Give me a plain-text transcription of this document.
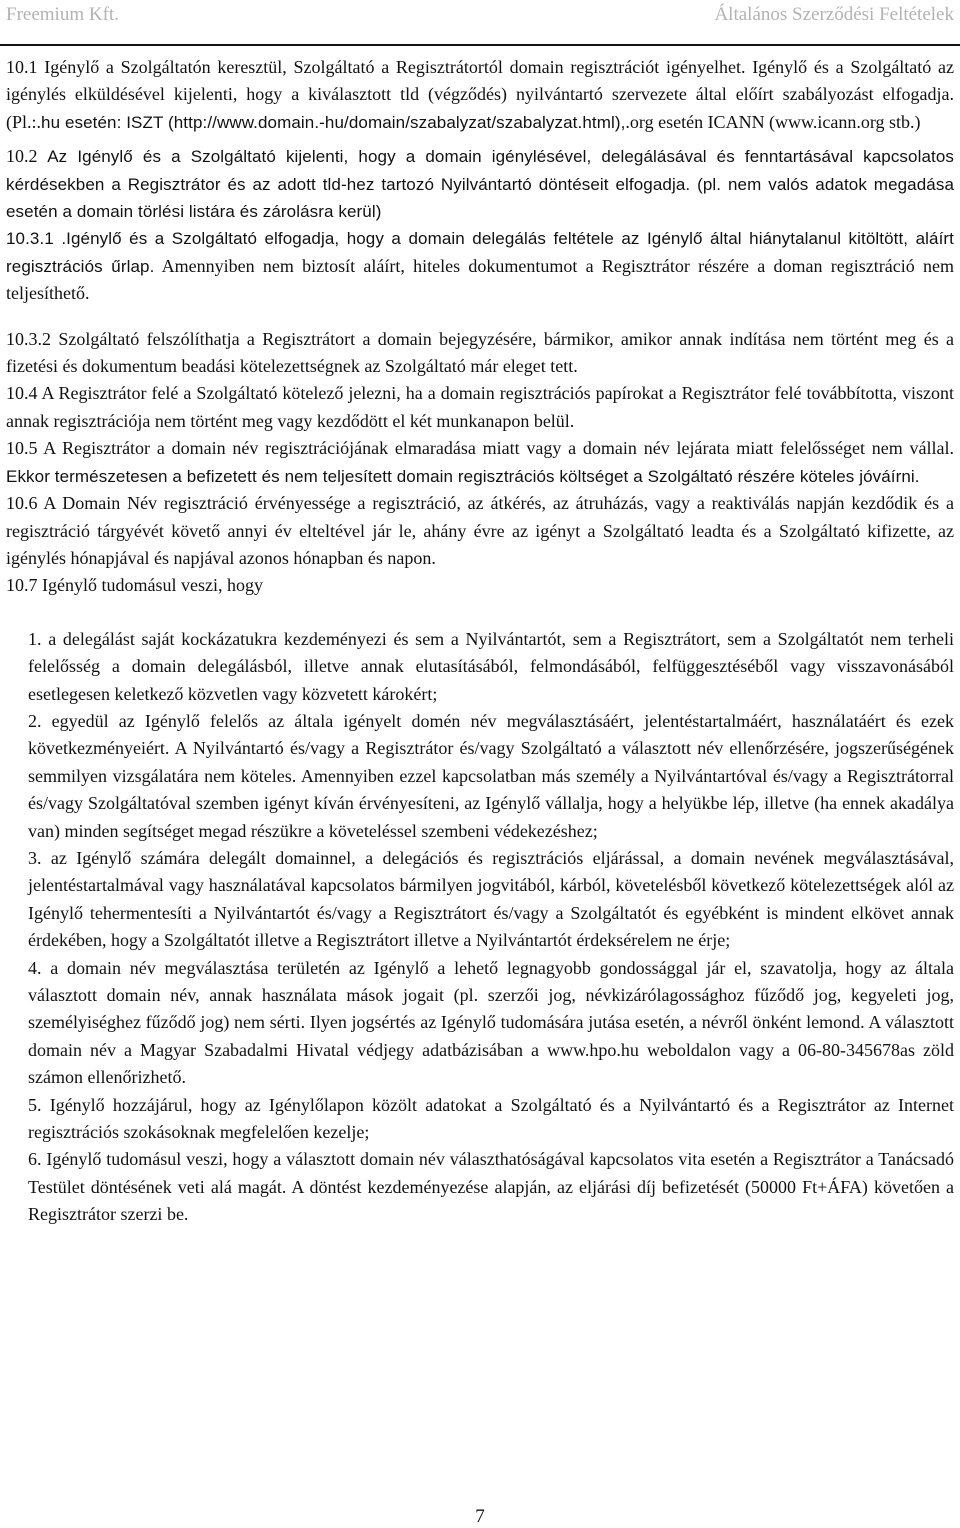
Freemium Kft.	Általános Szerződési Feltételek

10.1 Igénylő a Szolgáltatón keresztül, Szolgáltató a Regisztrátortól domain regisztrációt igényelhet. Igénylő és a Szolgáltató az igénylés elküldésével kijelenti, hogy a kiválasztott tld (végződés) nyilvántartó szervezete által előírt szabályozást elfogadja. (Pl.:.hu esetén: ISZT (http://www.domain.-hu/domain/szabalyzat/szabalyzat.html),.org esetén ICANN (www.icann.org stb.)

10.2 Az Igénylő és a Szolgáltató kijelenti, hogy a domain igénylésével, delegálásával és fenntartásával kapcsolatos kérdésekben a Regisztrátor és az adott tld-hez tartozó Nyilvántartó döntéseit elfogadja. (pl. nem valós adatok megadása esetén a domain törlési listára és zárolásra kerül)

10.3.1 .Igénylő és a Szolgáltató elfogadja, hogy a domain delegálás feltétele az Igénylő által hiánytalanul kitöltött, aláírt regisztrációs űrlap. Amennyiben nem biztosít aláírt, hiteles dokumentumot a Regisztrátor részére a doman regisztráció nem teljesíthető.

10.3.2 Szolgáltató felszólíthatja a Regisztrátort a domain bejegyzésére, bármikor, amikor annak indítása nem történt meg és a fizetési és dokumentum beadási kötelezettségnek az Szolgáltató már eleget tett.

10.4 A Regisztrátor felé a Szolgáltató kötelező jelezni, ha a domain regisztrációs papírokat a Regisztrátor felé továbbította, viszont annak regisztrációja nem történt meg vagy kezdődött el két munkanapon belül.

10.5 A Regisztrátor a domain név regisztrációjának elmaradása miatt vagy a domain név lejárata miatt felelősséget nem vállal. Ekkor természetesen a befizetett és nem teljesített domain regisztrációs költséget a Szolgáltató részére köteles jóváírni.

10.6 A Domain Név regisztráció érvényessége a regisztráció, az átkérés, az átruházás, vagy a reaktiválás napján kezdődik és a regisztráció tárgyévét követő annyi év elteltével jár le, ahány évre az igényt a Szolgáltató leadta és a Szolgáltató kifizette, az igénylés hónapjával és napjával azonos hónapban és napon.

10.7 Igénylő tudomásul veszi, hogy

1. a delegálást saját kockázatukra kezdeményezi és sem a Nyilvántartót, sem a Regisztrátort, sem a Szolgáltatót nem terheli felelősség a domain delegálásból, illetve annak elutasításából, felmondásából, felfüggesztéséből vagy visszavonásából esetlegesen keletkező közvetlen vagy közvetett károkért;

2. egyedül az Igénylő felelős az általa igényelt domén név megválasztásáért, jelentéstartalmáért, használatáért és ezek következményeiért. A Nyilvántartó és/vagy a Regisztrátor és/vagy Szolgáltató a választott név ellenőrzésére, jogszerűségének semmilyen vizsgálatára nem köteles. Amennyiben ezzel kapcsolatban más személy a Nyilvántartóval és/vagy a Regisztrátorral és/vagy Szolgáltatóval szemben igényt kíván érvényesíteni, az Igénylő vállalja, hogy a helyükbe lép, illetve (ha ennek akadálya van) minden segítséget megad részükre a követeléssel szembeni védekezéshez;

3. az Igénylő számára delegált domainnel, a delegációs és regisztrációs eljárással, a domain nevének megválasztásával, jelentéstartalmával vagy használatával kapcsolatos bármilyen jogvitából, kárból, követelésből következő kötelezettségek alól az Igénylő tehermentesíti a Nyilvántartót és/vagy a Regisztrátort és/vagy a Szolgáltatót és egyébként is mindent elkövet annak érdekében, hogy a Szolgáltatót illetve a Regisztrátort illetve a Nyilvántartót érdeksérelem ne érje;

4. a domain név megválasztása területén az Igénylő a lehető legnagyobb gondossággal jár el, szavatolja, hogy az általa választott domain név, annak használata mások jogait (pl. szerzői jog, névkizárólagossághoz fűződő jog, kegyeleti jog, személyiséghez fűződő jog) nem sérti. Ilyen jogsértés az Igénylő tudomására jutása esetén, a névről önként lemond. A választott domain név a Magyar Szabadalmi Hivatal védjegy adatbázisában a www.hpo.hu weboldalon vagy a 06-80-345678as zöld számon ellenőrizhető.

5. Igénylő hozzájárul, hogy az Igénylőlapon közölt adatokat a Szolgáltató és a Nyilvántartó és a Regisztrátor az Internet regisztrációs szokásoknak megfelelően kezelje;

6. Igénylő tudomásul veszi, hogy a választott domain név választhatóságával kapcsolatos vita esetén a Regisztrátor a Tanácsadó Testület döntésének veti alá magát. A döntést kezdeményezése alapján, az eljárási díj befizetését (50000 Ft+ÁFA) követően a Regisztrátor szerzi be.

7
